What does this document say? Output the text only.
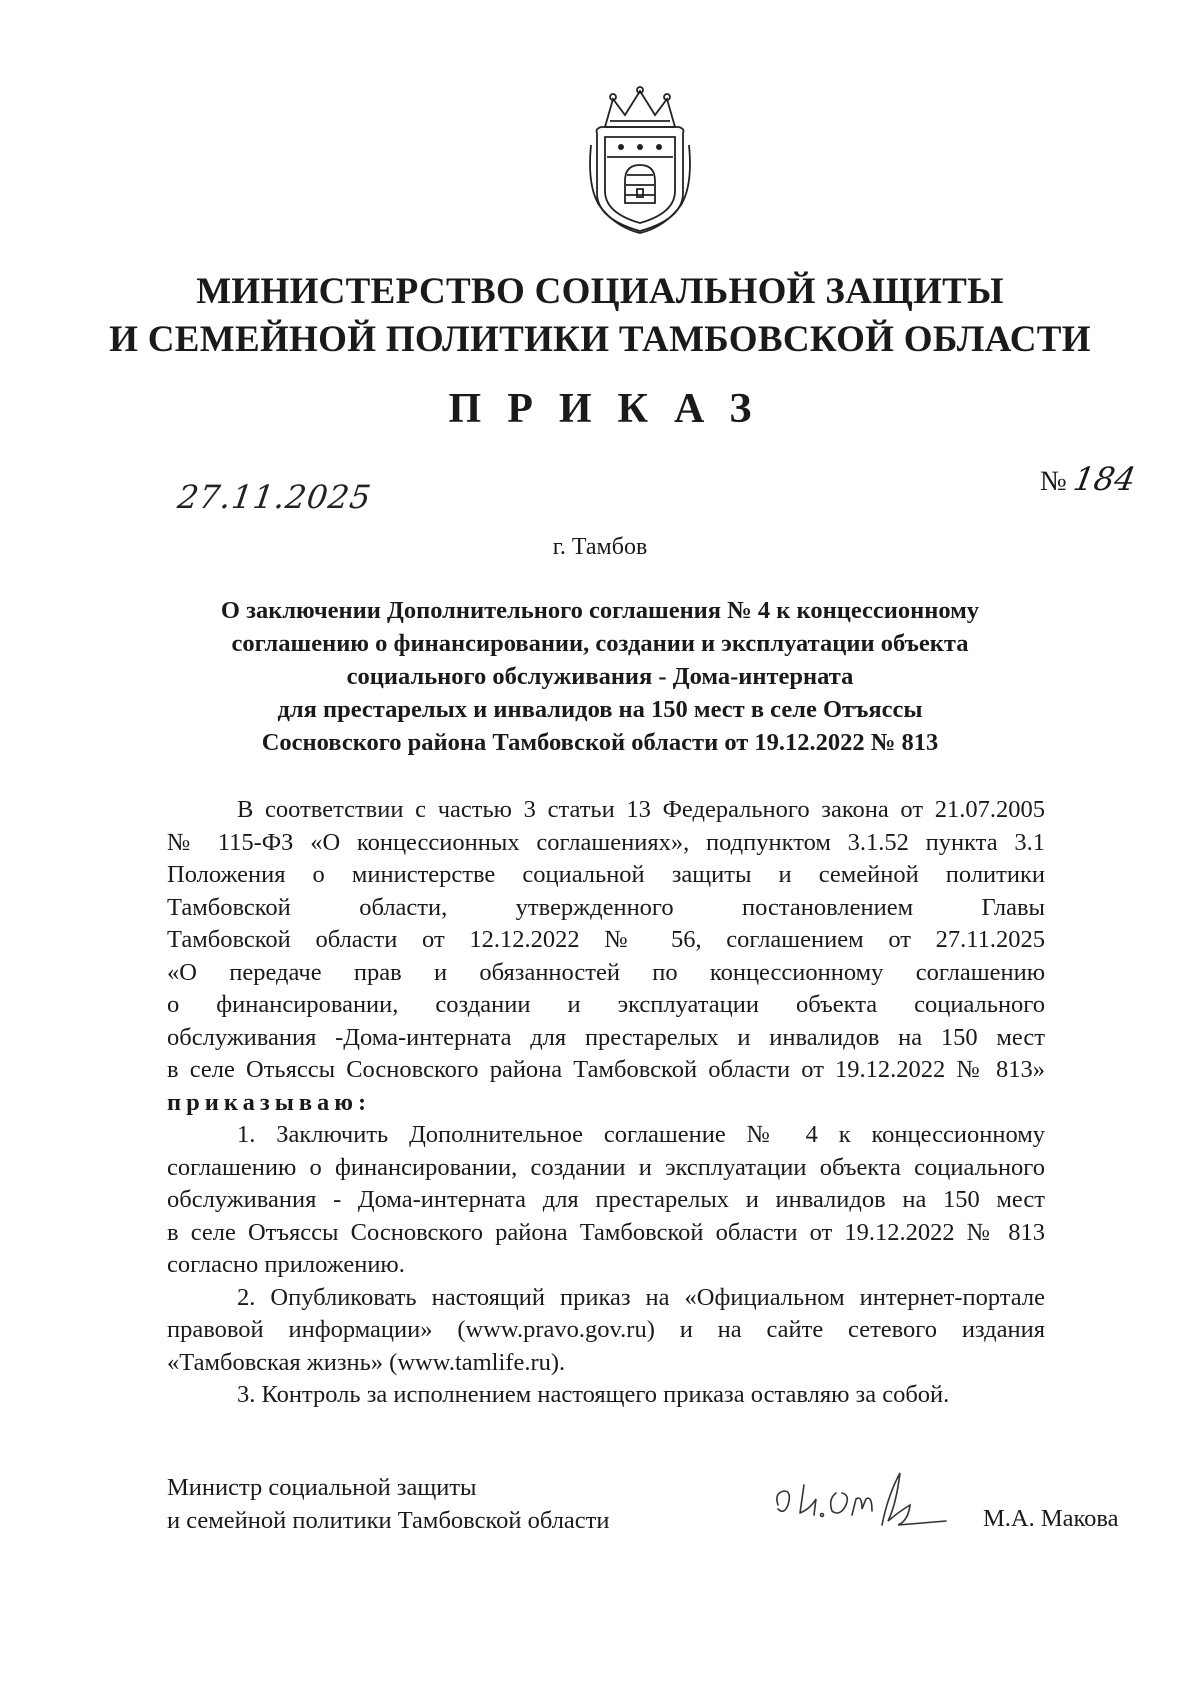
МИНИСТЕРСТВО СОЦИАЛЬНОЙ ЗАЩИТЫ
И СЕМЕЙНОЙ ПОЛИТИКИ ТАМБОВСКОЙ ОБЛАСТИ
ПРИКАЗ
27.11.2025	№ 184
г. Тамбов
О заключении Дополнительного соглашения № 4 к концессионному
соглашению о финансировании, создании и эксплуатации объекта
социального обслуживания - Дома-интерната
для престарелых и инвалидов на 150 мест в селе Отъяссы
Сосновского района Тамбовской области от 19.12.2022 № 813
В соответствии с частью 3 статьи 13 Федерального закона от 21.07.2005
№ 115-ФЗ «О концессионных соглашениях», подпунктом 3.1.52 пункта 3.1
Положения о министерстве социальной защиты и семейной политики
Тамбовской области, утвержденного постановлением Главы
Тамбовской области от 12.12.2022 № 56, соглашением от 27.11.2025
«О передаче прав и обязанностей по концессионному соглашению
о финансировании, создании и эксплуатации объекта социального
обслуживания -Дома-интерната для престарелых и инвалидов на 150 мест
в селе Отьяссы Сосновского района Тамбовской области от 19.12.2022 № 813»
приказываю:
1. Заключить Дополнительное соглашение № 4 к концессионному
соглашению о финансировании, создании и эксплуатации объекта социального
обслуживания - Дома-интерната для престарелых и инвалидов на 150 мест
в селе Отъяссы Сосновского района Тамбовской области от 19.12.2022 № 813
согласно приложению.
2. Опубликовать настоящий приказ на «Официальном интернет-портале
правовой информации» (www.pravo.gov.ru) и на сайте сетевого издания
«Тамбовская жизнь» (www.tamlife.ru).
3. Контроль за исполнением настоящего приказа оставляю за собой.
Министр социальной защиты
и семейной политики Тамбовской области	М.А. Макова
